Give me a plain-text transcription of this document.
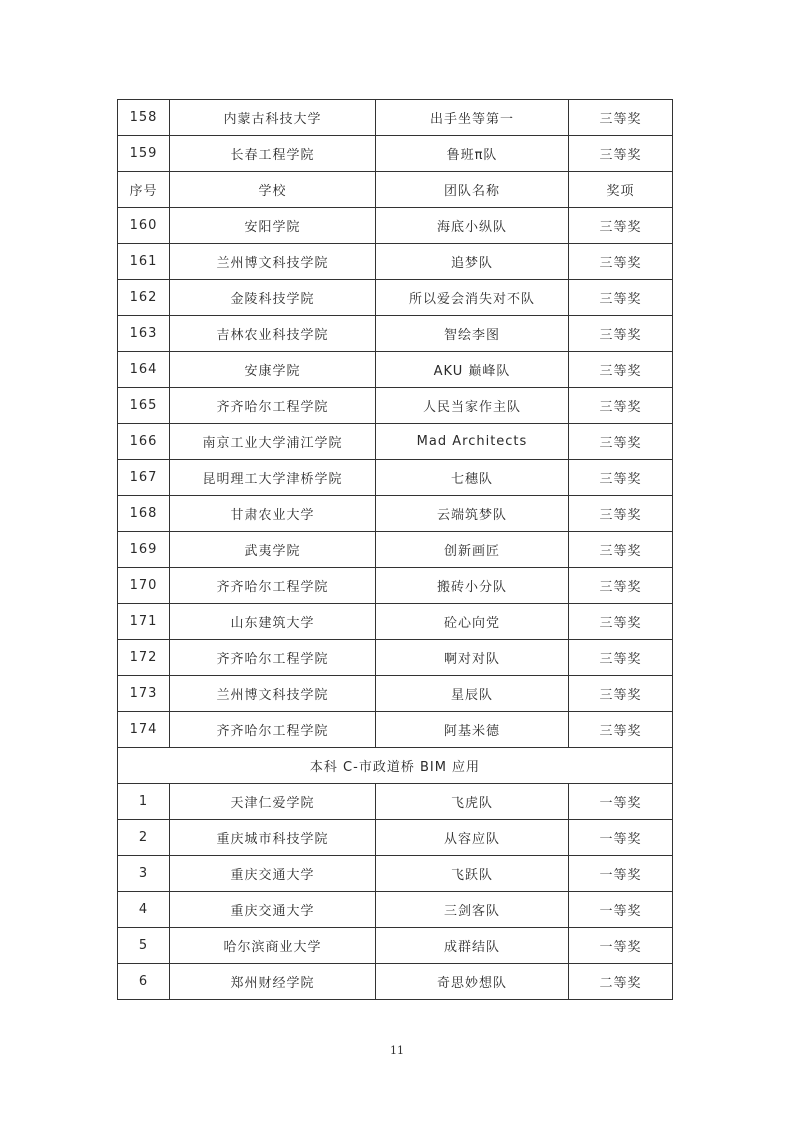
158	内蒙古科技大学	出手坐等第一	三等奖
159	长春工程学院	鲁班π队	三等奖
序号	学校	团队名称	奖项
160	安阳学院	海底小纵队	三等奖
161	兰州博文科技学院	追梦队	三等奖
162	金陵科技学院	所以爱会消失对不队	三等奖
163	吉林农业科技学院	智绘李图	三等奖
164	安康学院	AKU 巅峰队	三等奖
165	齐齐哈尔工程学院	人民当家作主队	三等奖
166	南京工业大学浦江学院	Mad Architects	三等奖
167	昆明理工大学津桥学院	七穗队	三等奖
168	甘肃农业大学	云端筑梦队	三等奖
169	武夷学院	创新画匠	三等奖
170	齐齐哈尔工程学院	搬砖小分队	三等奖
171	山东建筑大学	砼心向党	三等奖
172	齐齐哈尔工程学院	啊对对队	三等奖
173	兰州博文科技学院	星辰队	三等奖
174	齐齐哈尔工程学院	阿基米德	三等奖
本科 C-市政道桥 BIM 应用			
1	天津仁爱学院	飞虎队	一等奖
2	重庆城市科技学院	从容应队	一等奖
3	重庆交通大学	飞跃队	一等奖
4	重庆交通大学	三剑客队	一等奖
5	哈尔滨商业大学	成群结队	一等奖
6	郑州财经学院	奇思妙想队	二等奖
11
